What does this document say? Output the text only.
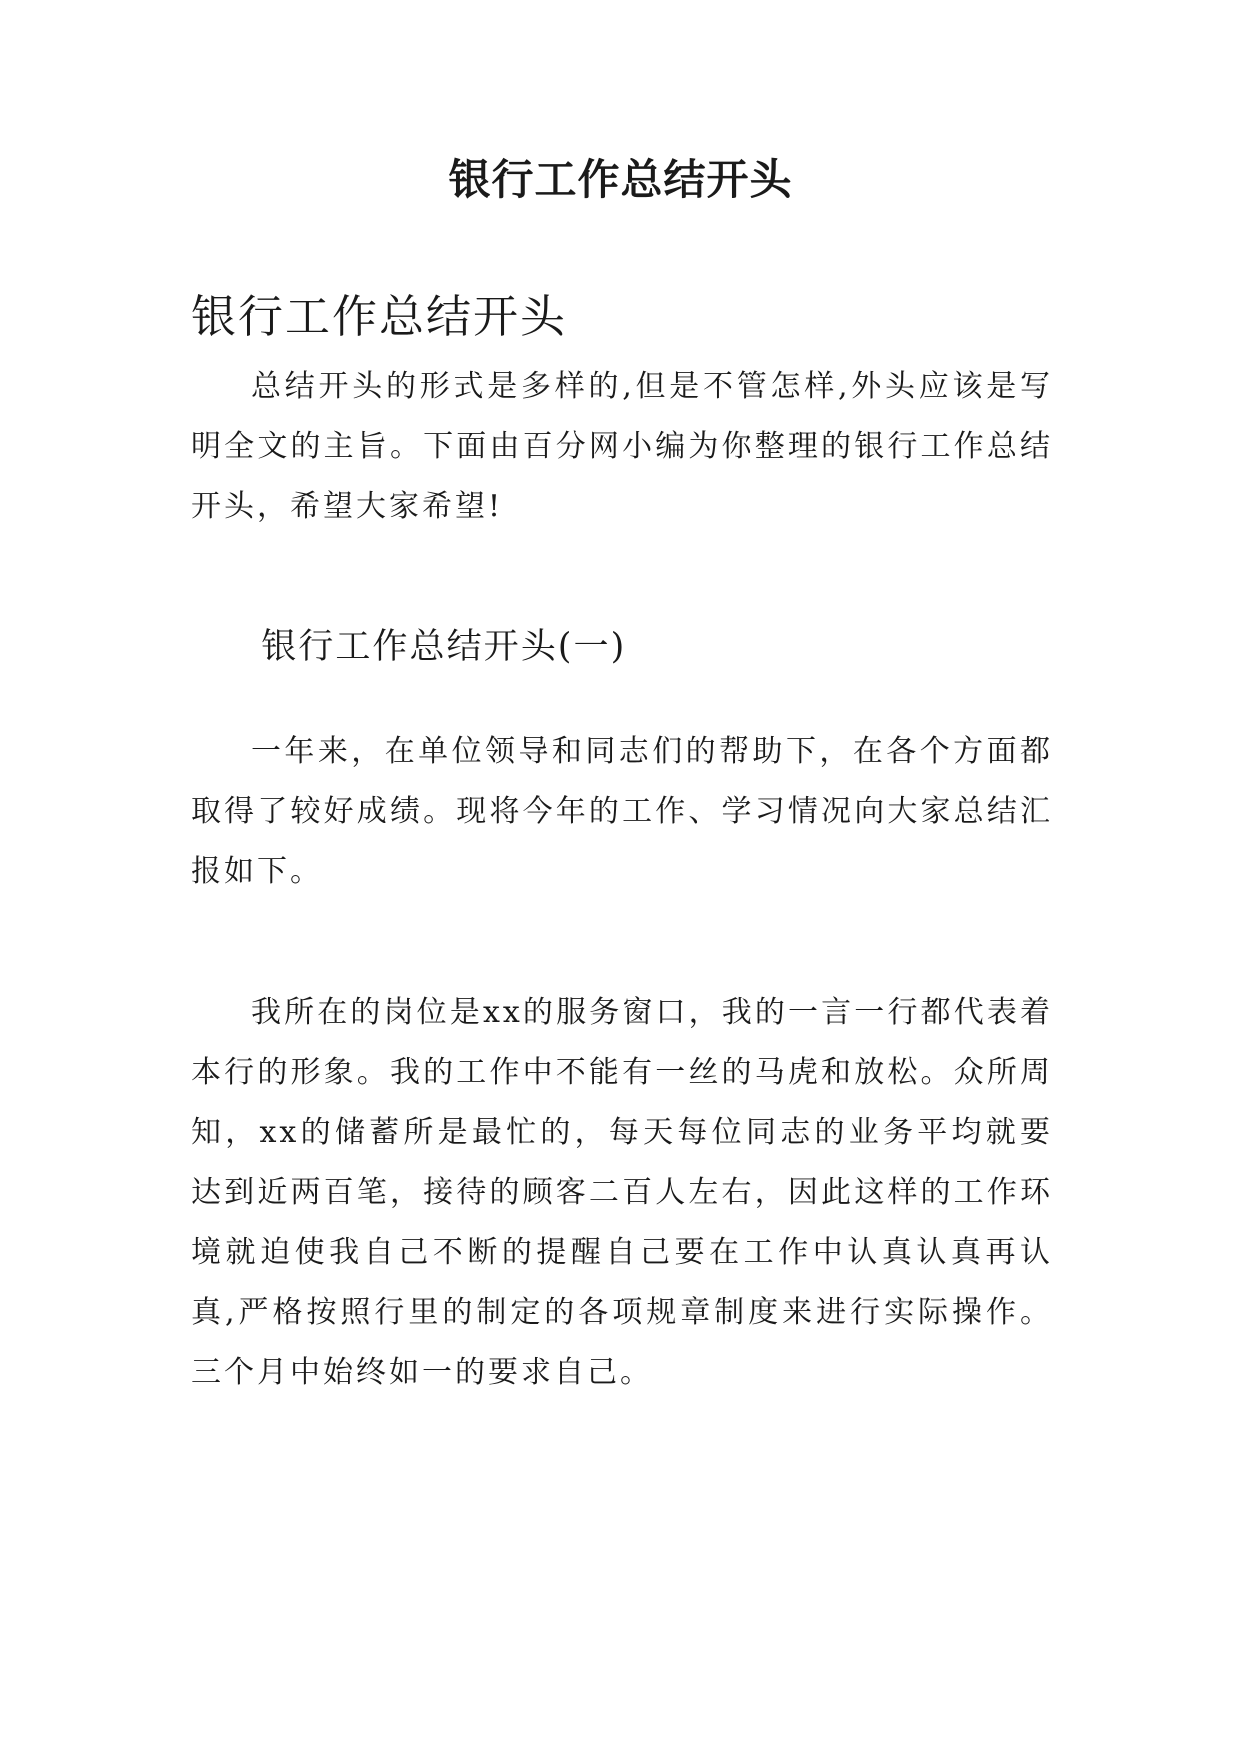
银行工作总结开头
银行工作总结开头

总结开头的形式是多样的,但是不管怎样,外头应该是写明全文的主旨。下面由百分网小编为你整理的银行工作总结开头，希望大家希望!

银行工作总结开头(一)

一年来，在单位领导和同志们的帮助下，在各个方面都取得了较好成绩。现将今年的工作、学习情况向大家总结汇报如下。

我所在的岗位是xx的服务窗口，我的一言一行都代表着本行的形象。我的工作中不能有一丝的马虎和放松。众所周知，xx的储蓄所是最忙的，每天每位同志的业务平均就要达到近两百笔，接待的顾客二百人左右，因此这样的工作环境就迫使我自己不断的提醒自己要在工作中认真认真再认真,严格按照行里的制定的各项规章制度来进行实际操作。三个月中始终如一的要求自己。
